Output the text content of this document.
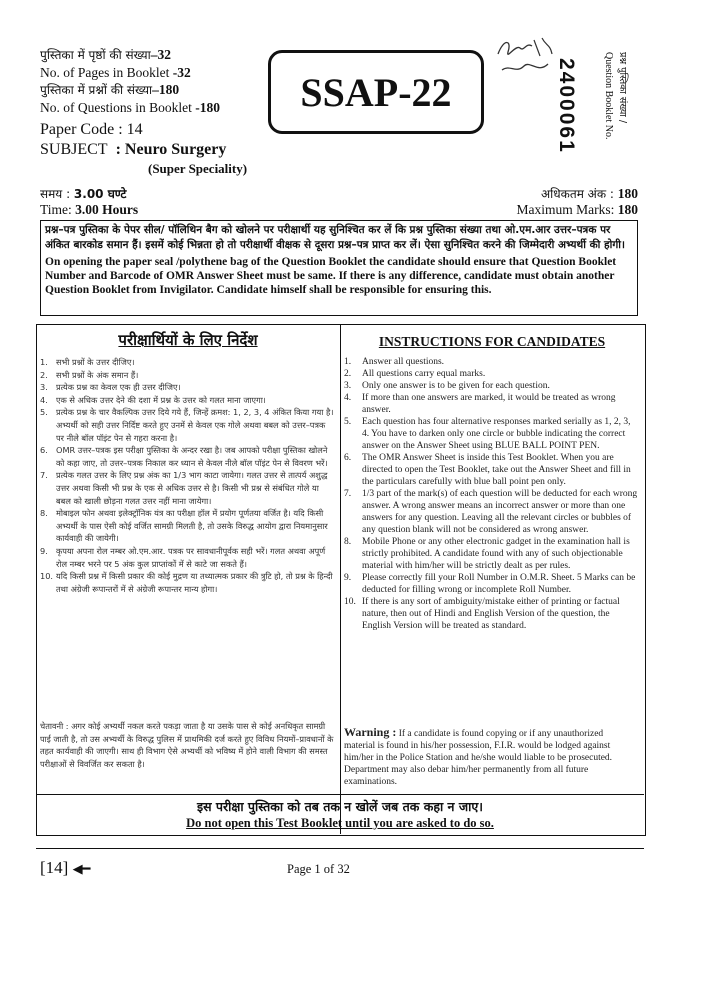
पुस्तिका में पृष्ठों की संख्या–32
No. of Pages in Booklet -32
पुस्तिका में प्रश्नों की संख्या–180
No. of Questions in Booklet -180
Paper Code : 14
SUBJECT : Neuro Surgery
(Super Speciality)
SSAP-22	2400061	प्रश्न पुस्तिका संख्या /
Question Booklet No.
समय : 3.00 घण्टे
Time: 3.00 Hours
अधिकतम अंक : 180
Maximum Marks: 180
प्रश्न–पत्र पुस्तिका के पेपर सील/ पॉलिथिन बैग को खोलने पर परीक्षार्थी यह सुनिश्चित कर लें कि प्रश्न पुस्तिका संख्या तथा ओ.एम.आर उत्तर–पत्रक पर अंकित बारकोड समान हैं। इसमें कोई भिन्नता हो तो परीक्षार्थी वीक्षक से दूसरा प्रश्न–पत्र प्राप्त कर लें। ऐसा सुनिश्चित करने की जिम्मेदारी अभ्यर्थी की होगी।
On opening the paper seal /polythene bag of the Question Booklet the candidate should ensure that Question Booklet Number and Barcode of OMR Answer Sheet must be same. If there is any difference, candidate must obtain another Question Booklet from Invigilator. Candidate himself shall be responsible for ensuring this.
परीक्षार्थियों के लिए निर्देश	INSTRUCTIONS FOR CANDIDATES
1. सभी प्रश्नों के उत्तर दीजिए।
2. सभी प्रश्नों के अंक समान हैं।
3. प्रत्येक प्रश्न का केवल एक ही उत्तर दीजिए।
4. एक से अधिक उत्तर देने की दशा में प्रश्न के उत्तर को गलत माना जाएगा।
5. प्रत्येक प्रश्न के चार वैकल्पिक उत्तर दिये गये हैं, जिन्हें क्रमश: 1, 2, 3, 4 अंकित किया गया है। अभ्यर्थी को सही उत्तर निर्दिष्ट करते हुए उनमें से केवल एक गोले अथवा बबल को उत्तर–पत्रक पर नीले बॉल पॉइंट पेन से गहरा करना है।
6. OMR उत्तर–पत्रक इस परीक्षा पुस्तिका के अन्दर रखा है। जब आपको परीक्षा पुस्तिका खोलने को कहा जाए, तो उत्तर–पत्रक निकाल कर ध्यान से केवल नीले बॉल पॉइंट पेन से विवरण भरें।
7. प्रत्येक गलत उत्तर के लिए प्रश्न अंक का 1/3 भाग काटा जायेगा। गलत उत्तर से तात्पर्य अशुद्ध उत्तर अथवा किसी भी प्रश्न के एक से अधिक उत्तर से है। किसी भी प्रश्न से संबंधित गोले या बबल को खाली छोड़ना गलत उत्तर नहीं माना जायेगा।
8. मोबाइल फोन अथवा इलेक्ट्रॉनिक यंत्र का परीक्षा हॉल में प्रयोग पूर्णतया वर्जित है। यदि किसी अभ्यर्थी के पास ऐसी कोई वर्जित सामग्री मिलती है, तो उसके विरुद्ध आयोग द्वारा नियमानुसार कार्यवाही की जायेगी।
9. कृपया अपना रोल नम्बर ओ.एम.आर. पत्रक पर सावधानीपूर्वक सही भरें। गलत अथवा अपूर्ण रोल नम्बर भरने पर 5 अंक कुल प्राप्तांकों में से काटे जा सकते हैं।
10. यदि किसी प्रश्न में किसी प्रकार की कोई मुद्रण या तथ्यात्मक प्रकार की त्रुटि हो, तो प्रश्न के हिन्दी तथा अंग्रेजी रूपान्तरों में से अंग्रेजी रूपान्तर मान्य होगा।
चेतावनी : अगर कोई अभ्यर्थी नकल करते पकड़ा जाता है या उसके पास से कोई अनधिकृत सामग्री पाई जाती है, तो उस अभ्यर्थी के विरुद्ध पुलिस में प्राथमिकी दर्ज करते हुए विविध नियमों–प्रावधानों के तहत कार्यवाही की जाएगी। साथ ही विभाग ऐसे अभ्यर्थी को भविष्य में होने वाली विभाग की समस्त परीक्षाओं से विवर्जित कर सकता है।
1.	Answer all questions.
2.	All questions carry equal marks.
3.	Only one answer is to be given for each question.
4.	If more than one answers are marked, it would be treated as wrong answer.
5.	Each question has four alternative responses marked serially as 1, 2, 3, 4. You have to darken only one circle or bubble indicating the correct answer on the Answer Sheet using BLUE BALL POINT PEN.
6.	The OMR Answer Sheet is inside this Test Booklet. When you are directed to open the Test Booklet, take out the Answer Sheet and fill in the particulars carefully with blue ball point pen only.
7.	1/3 part of the mark(s) of each question will be deducted for each wrong answer. A wrong answer means an incorrect answer or more than one answers for any question. Leaving all the relevant circles or bubbles of any question blank will not be considered as wrong answer.
8.	Mobile Phone or any other electronic gadget in the examination hall is strictly prohibited. A candidate found with any of such objectionable material with him/her will be strictly dealt as per rules.
9.	Please correctly fill your Roll Number in O.M.R. Sheet. 5 Marks can be deducted for filling wrong or incomplete Roll Number.
10. If there is any sort of ambiguity/mistake either of printing or factual nature, then out of Hindi and English Version of the question, the English Version will be treated as standard.
Warning : If a candidate is found copying or if any unauthorized material is found in his/her possession, F.I.R. would be lodged against him/her in the Police Station and he/she would liable to be prosecuted. Department may also debar him/her permanently from all future examinations.
इस परीक्षा पुस्तिका को तब तक न खोलें जब तक कहा न जाए।
Do not open this Test Booklet until you are asked to do so.
[14] ◀━	Page 1 of 32
